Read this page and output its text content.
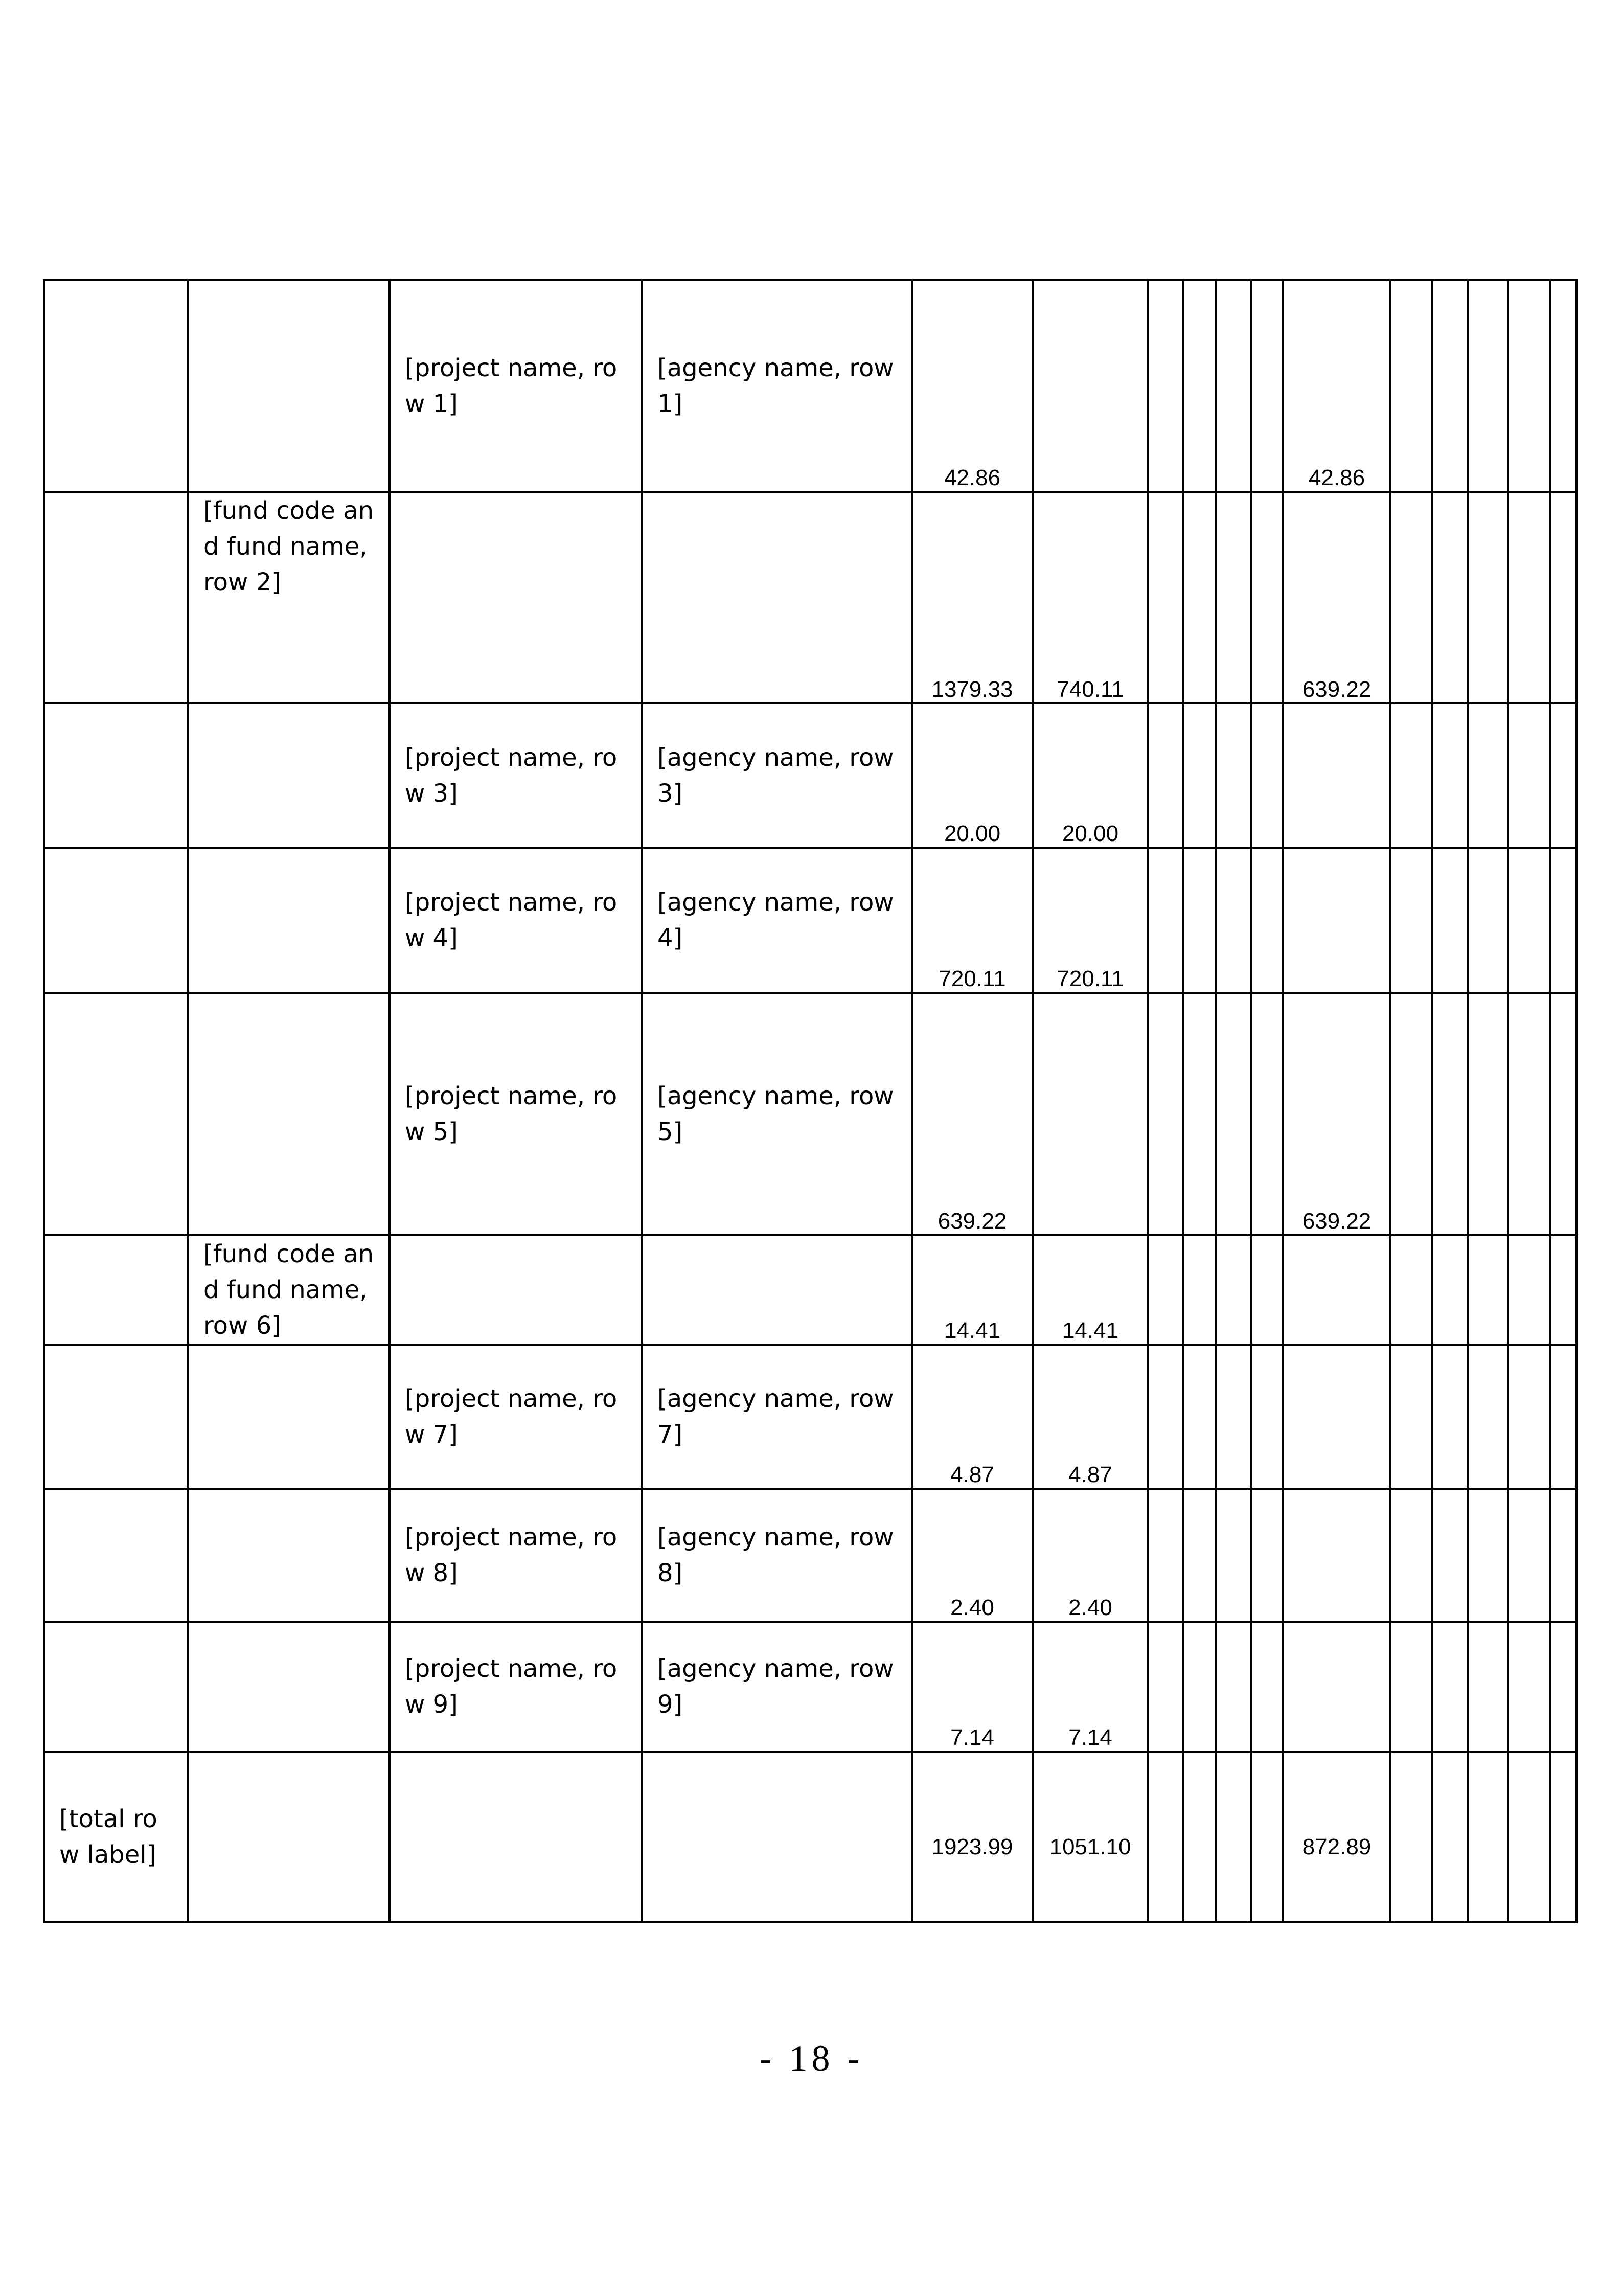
		[project name, row 1]	[agency name, row 1]	42.86						42.86					

	[fund code and fund name, row 2]			1379.33	740.11					639.22					

		[project name, row 3]	[agency name, row 3]	20.00	20.00										

		[project name, row 4]	[agency name, row 4]	720.11	720.11										

		[project name, row 5]	[agency name, row 5]	639.22						639.22					

	[fund code and fund name, row 6]			14.41	14.41										

		[project name, row 7]	[agency name, row 7]	4.87	4.87										

		[project name, row 8]	[agency name, row 8]	2.40	2.40										

		[project name, row 9]	[agency name, row 9]	7.14	7.14										

[total row label]				1923.99	1051.10					872.89					

- 18 -
